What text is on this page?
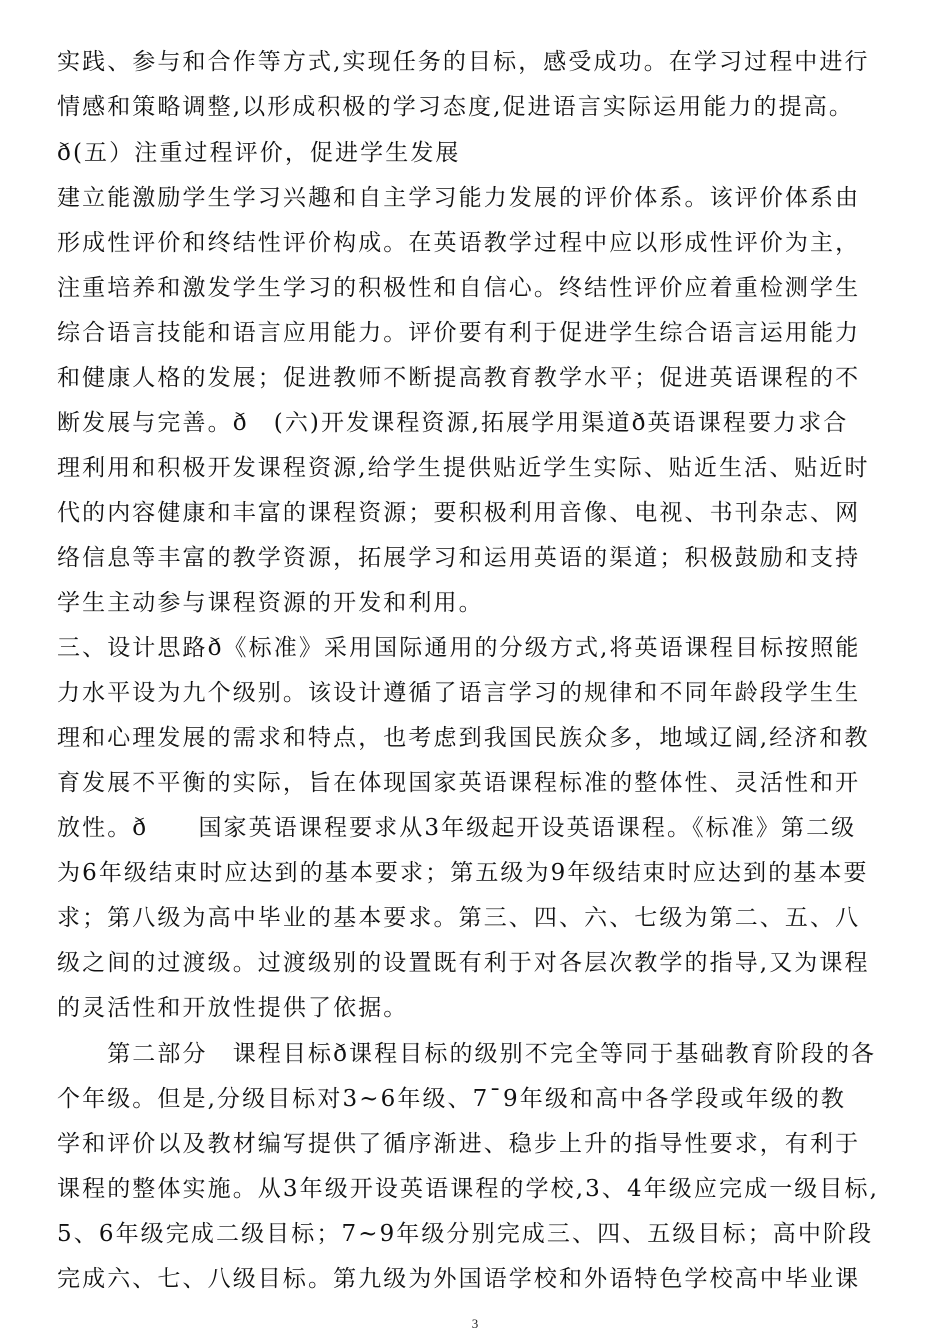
实践、参与和合作等方式,实现任务的目标，感受成功。在学习过程中进行
情感和策略调整,以形成积极的学习态度,促进语言实际运用能力的提高。
ð(五）注重过程评价，促进学生发展
建立能激励学生学习兴趣和自主学习能力发展的评价体系。该评价体系由
形成性评价和终结性评价构成。在英语教学过程中应以形成性评价为主，
注重培养和激发学生学习的积极性和自信心。终结性评价应着重检测学生
综合语言技能和语言应用能力。评价要有利于促进学生综合语言运用能力
和健康人格的发展；促进教师不断提高教育教学水平；促进英语课程的不
断发展与完善。ð　(六)开发课程资源,拓展学用渠道ð英语课程要力求合
理利用和积极开发课程资源,给学生提供贴近学生实际、贴近生活、贴近时
代的内容健康和丰富的课程资源；要积极利用音像、电视、书刊杂志、网
络信息等丰富的教学资源，拓展学习和运用英语的渠道；积极鼓励和支持
学生主动参与课程资源的开发和利用。
三、设计思路ð《标准》采用国际通用的分级方式,将英语课程目标按照能
力水平设为九个级别。该设计遵循了语言学习的规律和不同年龄段学生生
理和心理发展的需求和特点，也考虑到我国民族众多，地域辽阔,经济和教
育发展不平衡的实际，旨在体现国家英语课程标准的整体性、灵活性和开
放性。ð　　国家英语课程要求从3年级起开设英语课程。《标准》第二级
为6年级结束时应达到的基本要求；第五级为9年级结束时应达到的基本要
求；第八级为高中毕业的基本要求。第三、四、六、七级为第二、五、八
级之间的过渡级。过渡级别的设置既有利于对各层次教学的指导,又为课程
的灵活性和开放性提供了依据。
　　第二部分　课程目标ð课程目标的级别不完全等同于基础教育阶段的各
个年级。但是,分级目标对3~6年级、7¯9年级和高中各学段或年级的教
学和评价以及教材编写提供了循序渐进、稳步上升的指导性要求，有利于
课程的整体实施。从3年级开设英语课程的学校,3、4年级应完成一级目标,
5、6年级完成二级目标；7~9年级分别完成三、四、五级目标；高中阶段
完成六、七、八级目标。第九级为外国语学校和外语特色学校高中毕业课
3
